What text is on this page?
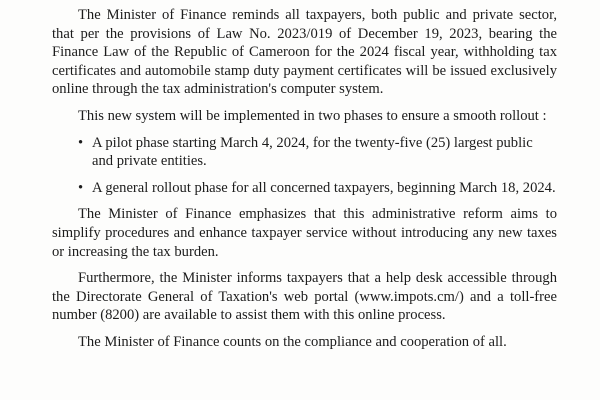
The Minister of Finance reminds all taxpayers, both public and private sector, that per the provisions of Law No. 2023/019 of December 19, 2023, bearing the Finance Law of the Republic of Cameroon for the 2024 fiscal year, withholding tax certificates and automobile stamp duty payment certificates will be issued exclusively online through the tax administration's computer system.

This new system will be implemented in two phases to ensure a smooth rollout :

• A pilot phase starting March 4, 2024, for the twenty-five (25) largest public and private entities.
• A general rollout phase for all concerned taxpayers, beginning March 18, 2024.

The Minister of Finance emphasizes that this administrative reform aims to simplify procedures and enhance taxpayer service without introducing any new taxes or increasing the tax burden.

Furthermore, the Minister informs taxpayers that a help desk accessible through the Directorate General of Taxation's web portal (www.impots.cm/) and a toll-free number (8200) are available to assist them with this online process.

The Minister of Finance counts on the compliance and cooperation of all.
